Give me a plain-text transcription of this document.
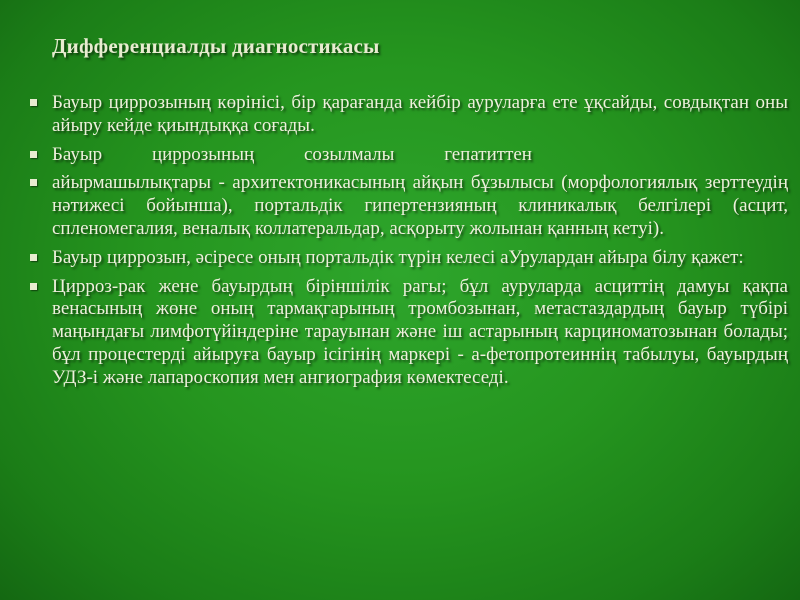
Дифференциалды диагностикасы
Бауыр циррозының көрінісі, бір қарағанда кейбір ауруларға ете ұқсайды, совдықтан оны айыру кейде қиындыққа соғады.
Бауыр	циррозының	созылмалы	гепатиттен
айырмашылықтары - архитектоникасының айқын бұзылысы (морфологиялық зерттеудің нәтижесі бойынша), портальдік гипертензияның клиникалық белгілері (асцит, спленомегалия, веналық коллатеральдар, асқорыту жолынан қанның кетуі).
Бауыр циррозын, әсіресе оның портальдік түрін келесі аУрулардан айыра білу қажет:
Цирроз-рак жене бауырдың біріншілік рагы; бұл ауруларда асциттің дамуы қақпа венасының жөне оның тармақгарының тромбозынан, метастаздардың бауыр түбірі маңындағы лимфотүйіндеріне тарауынан және іш астарының карциноматозынан болады; бұл процестерді айыруға бауыр ісігінің маркері - а-фетопротеиннің табылуы, бауырдың УДЗ-і жәнe лапароскопия мен ангиография көмектеседі.
